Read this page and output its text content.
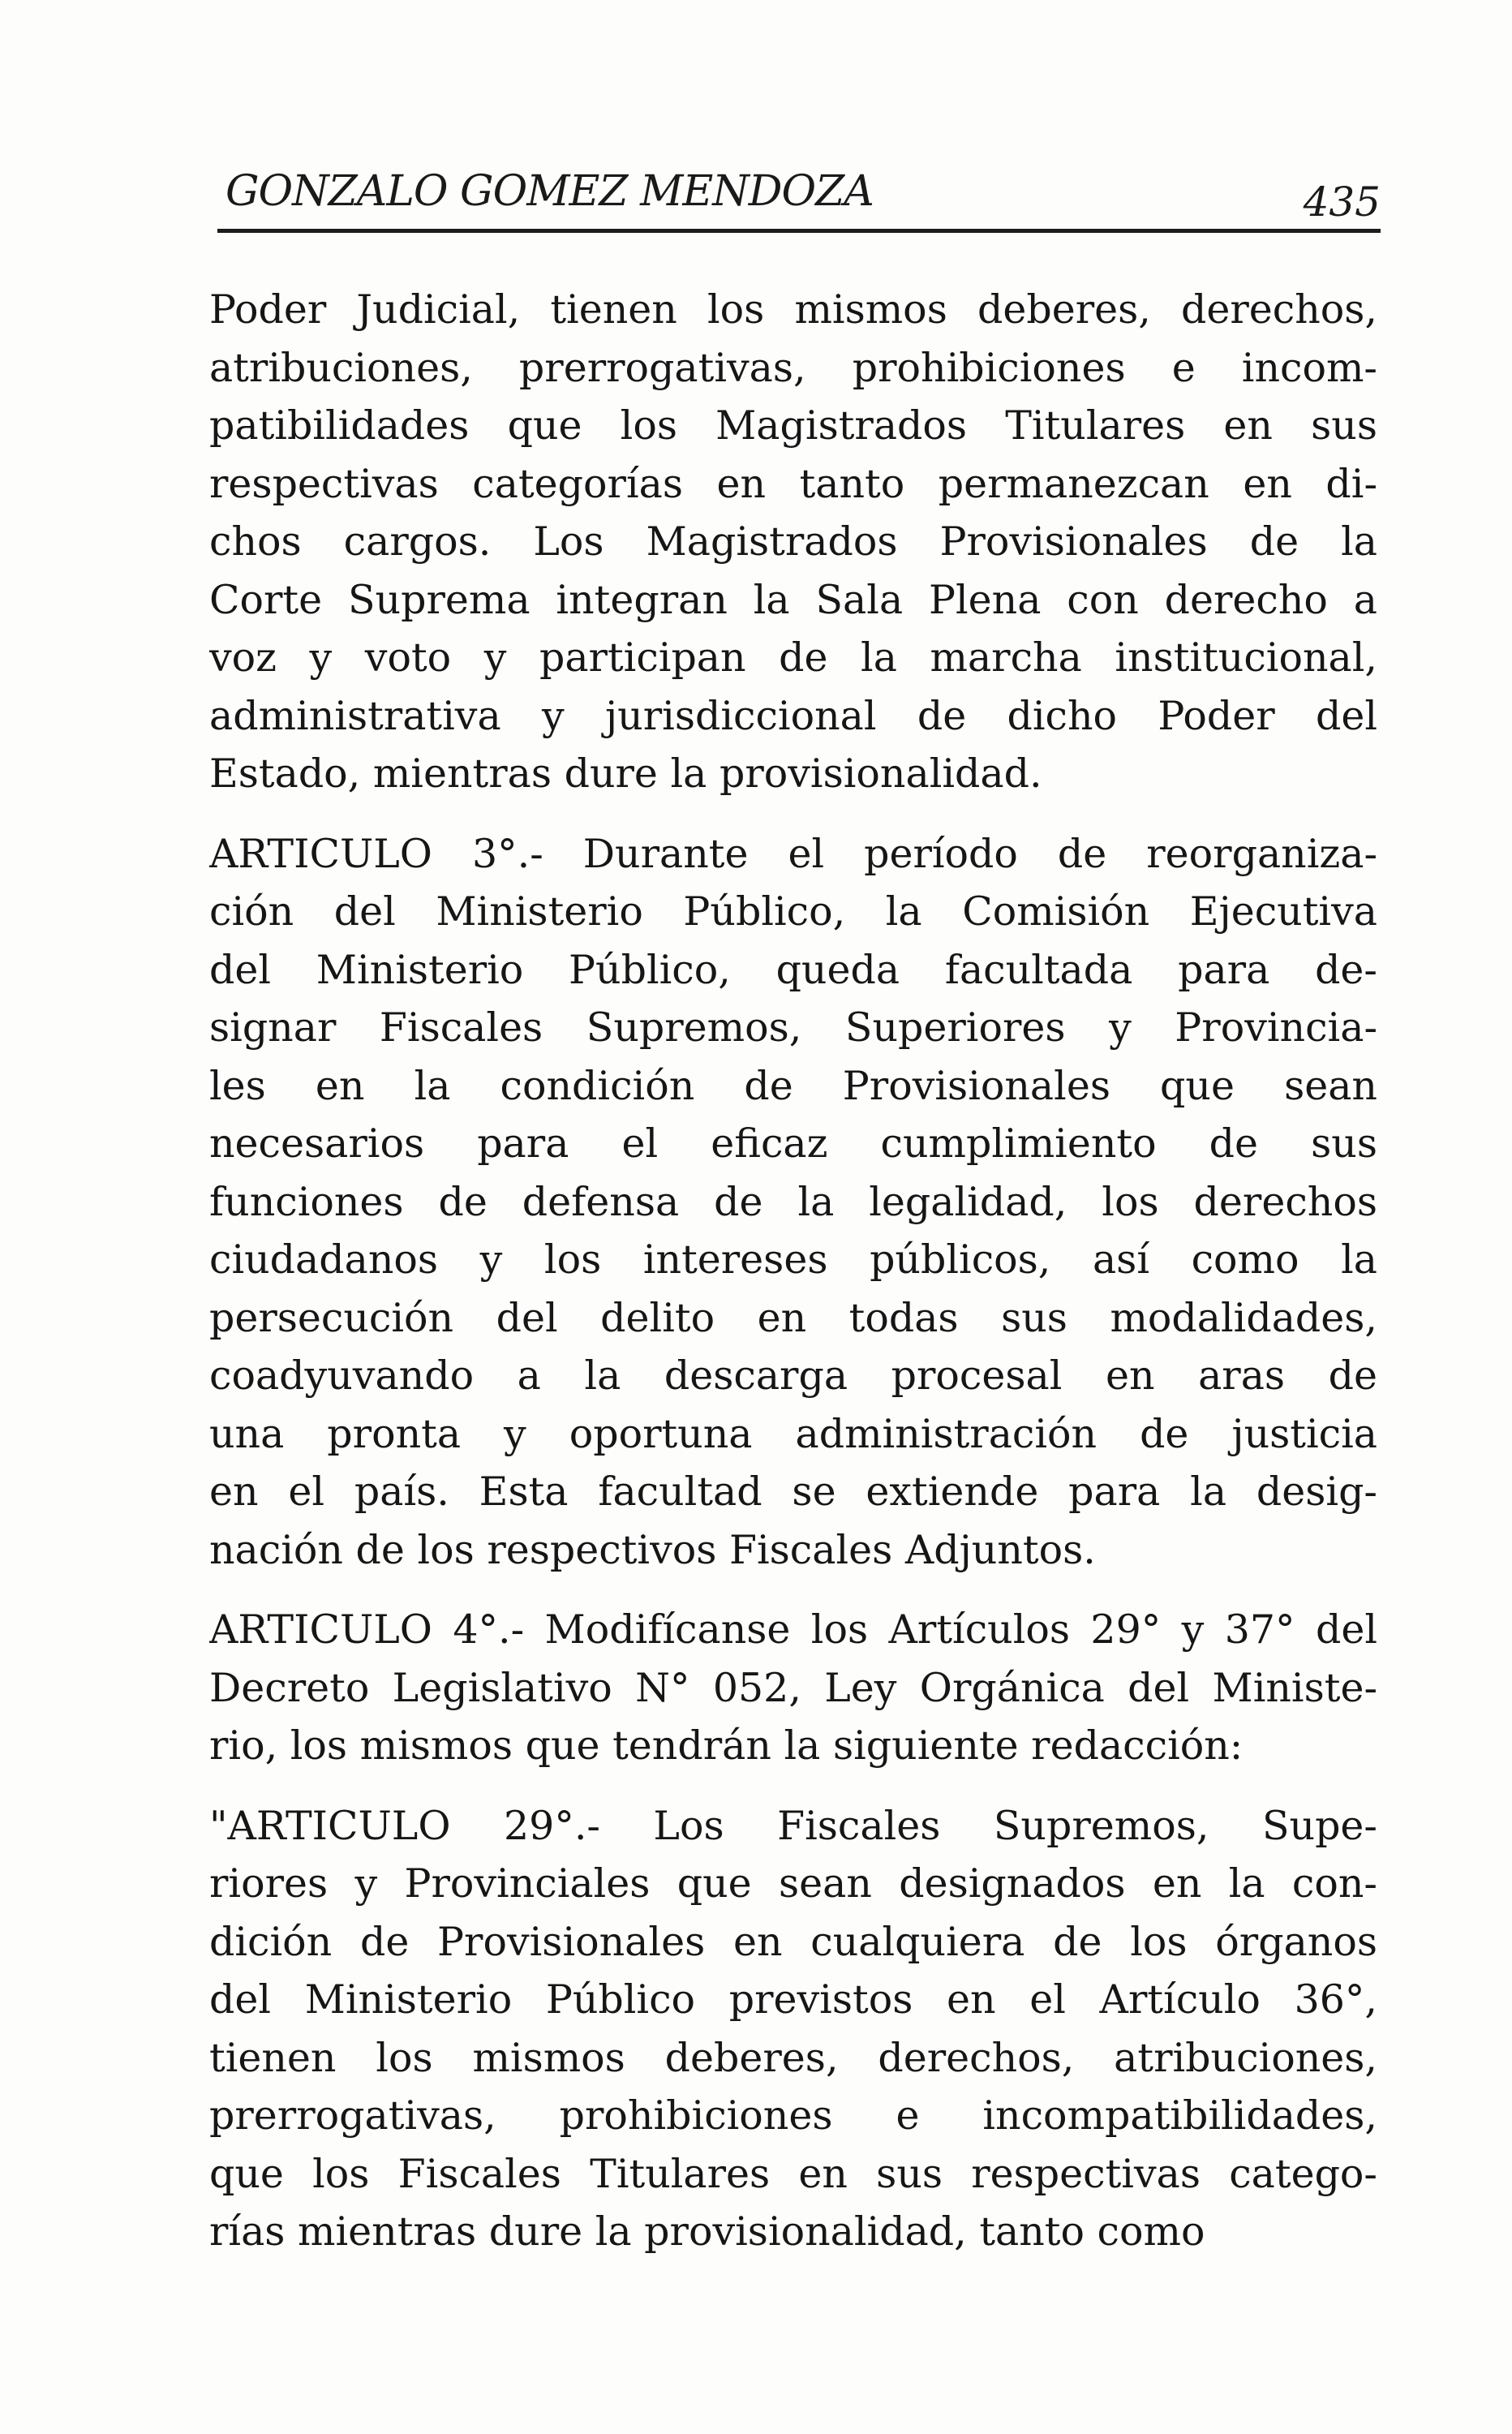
GONZALO GOMEZ MENDOZA	435
Poder Judicial, tienen los mismos deberes, derechos,
atribuciones, prerrogativas, prohibiciones e incom-
patibilidades que los Magistrados Titulares en sus
respectivas categorías en tanto permanezcan en di-
chos cargos. Los Magistrados Provisionales de la
Corte Suprema integran la Sala Plena con derecho a
voz y voto y participan de la marcha institucional,
administrativa y jurisdiccional de dicho Poder del
Estado, mientras dure la provisionalidad.
ARTICULO 3°.- Durante el período de reorganiza-
ción del Ministerio Público, la Comisión Ejecutiva
del Ministerio Público, queda facultada para de-
signar Fiscales Supremos, Superiores y Provincia-
les en la condición de Provisionales que sean
necesarios para el eficaz cumplimiento de sus
funciones de defensa de la legalidad, los derechos
ciudadanos y los intereses públicos, así como la
persecución del delito en todas sus modalidades,
coadyuvando a la descarga procesal en aras de
una pronta y oportuna administración de justicia
en el país. Esta facultad se extiende para la desig-
nación de los respectivos Fiscales Adjuntos.
ARTICULO 4°.- Modifícanse los Artículos 29° y 37° del
Decreto Legislativo N° 052, Ley Orgánica del Ministe-
rio, los mismos que tendrán la siguiente redacción:
"ARTICULO 29°.- Los Fiscales Supremos, Supe-
riores y Provinciales que sean designados en la con-
dición de Provisionales en cualquiera de los órganos
del Ministerio Público previstos en el Artículo 36°,
tienen los mismos deberes, derechos, atribuciones,
prerrogativas, prohibiciones e incompatibilidades,
que los Fiscales Titulares en sus respectivas catego-
rías mientras dure la provisionalidad, tanto como
